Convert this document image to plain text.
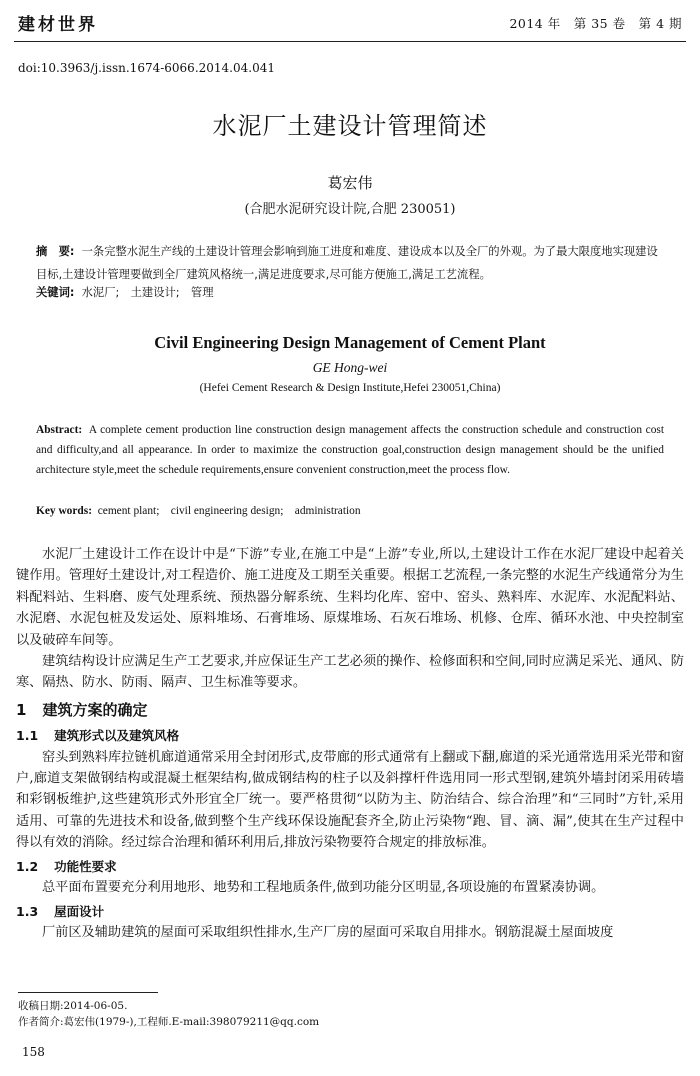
建材世界	2014 年　第 35 卷　第 4 期
doi:10.3963/j.issn.1674-6066.2014.04.041
水泥厂土建设计管理简述
葛宏伟
(合肥水泥研究设计院,合肥 230051)
摘　要: 一条完整水泥生产线的土建设计管理会影响到施工进度和难度、建设成本以及全厂的外观。为了最大限度地实现建设目标,土建设计管理要做到全厂建筑风格统一,满足进度要求,尽可能方便施工,满足工艺流程。
关键词: 水泥厂;　土建设计;　管理
Civil Engineering Design Management of Cement Plant
GE Hong-wei
(Hefei Cement Research & Design Institute,Hefei 230051,China)
Abstract: A complete cement production line construction design management affects the construction schedule and construction cost and difficulty,and all appearance. In order to maximize the construction goal,construction design management should be the unified architecture style,meet the schedule requirements,ensure convenient construction,meet the process flow.
Key words: cement plant;　civil engineering design;　administration

水泥厂土建设计工作在设计中是“下游”专业,在施工中是“上游”专业,所以,土建设计工作在水泥厂建设中起着关键作用。管理好土建设计,对工程造价、施工进度及工期至关重要。根据工艺流程,一条完整的水泥生产线通常分为生料配料站、生料磨、废气处理系统、预热器分解系统、生料均化库、窑中、窑头、熟料库、水泥库、水泥配料站、水泥磨、水泥包桩及发运处、原料堆场、石膏堆场、原煤堆场、石灰石堆场、机修、仓库、循环水池、中央控制室以及破碎车间等。

建筑结构设计应满足生产工艺要求,并应保证生产工艺必须的操作、检修面积和空间,同时应满足采光、通风、防寒、隔热、防水、防雨、隔声、卫生标准等要求。

1 建筑方案的确定
1.1 建筑形式以及建筑风格

窑头到熟料库拉链机廊道通常采用全封闭形式,皮带廊的形式通常有上翻或下翻,廊道的采光通常选用采光带和窗户,廊道支架做钢结构或混凝土框架结构,做成钢结构的柱子以及斜撑杆件选用同一形式型钢,建筑外墙封闭采用砖墙和彩钢板维护,这些建筑形式外形宜全厂统一。要严格贯彻“以防为主、防治结合、综合治理”和“三同时”方针,采用适用、可靠的先进技术和设备,做到整个生产线环保设施配套齐全,防止污染物“跑、冒、滴、漏”,使其在生产过程中得以有效的消除。经过综合治理和循环利用后,排放污染物要符合规定的排放标准。

1.2 功能性要求

总平面布置要充分利用地形、地势和工程地质条件,做到功能分区明显,各项设施的布置紧凑协调。

1.3 屋面设计

厂前区及辅助建筑的屋面可采取组织性排水,生产厂房的屋面可采取自用排水。钢筋混凝土屋面坡度

收稿日期:2014-06-05.
作者简介:葛宏伟(1979-),工程师.E-mail:398079211@qq.com
158
